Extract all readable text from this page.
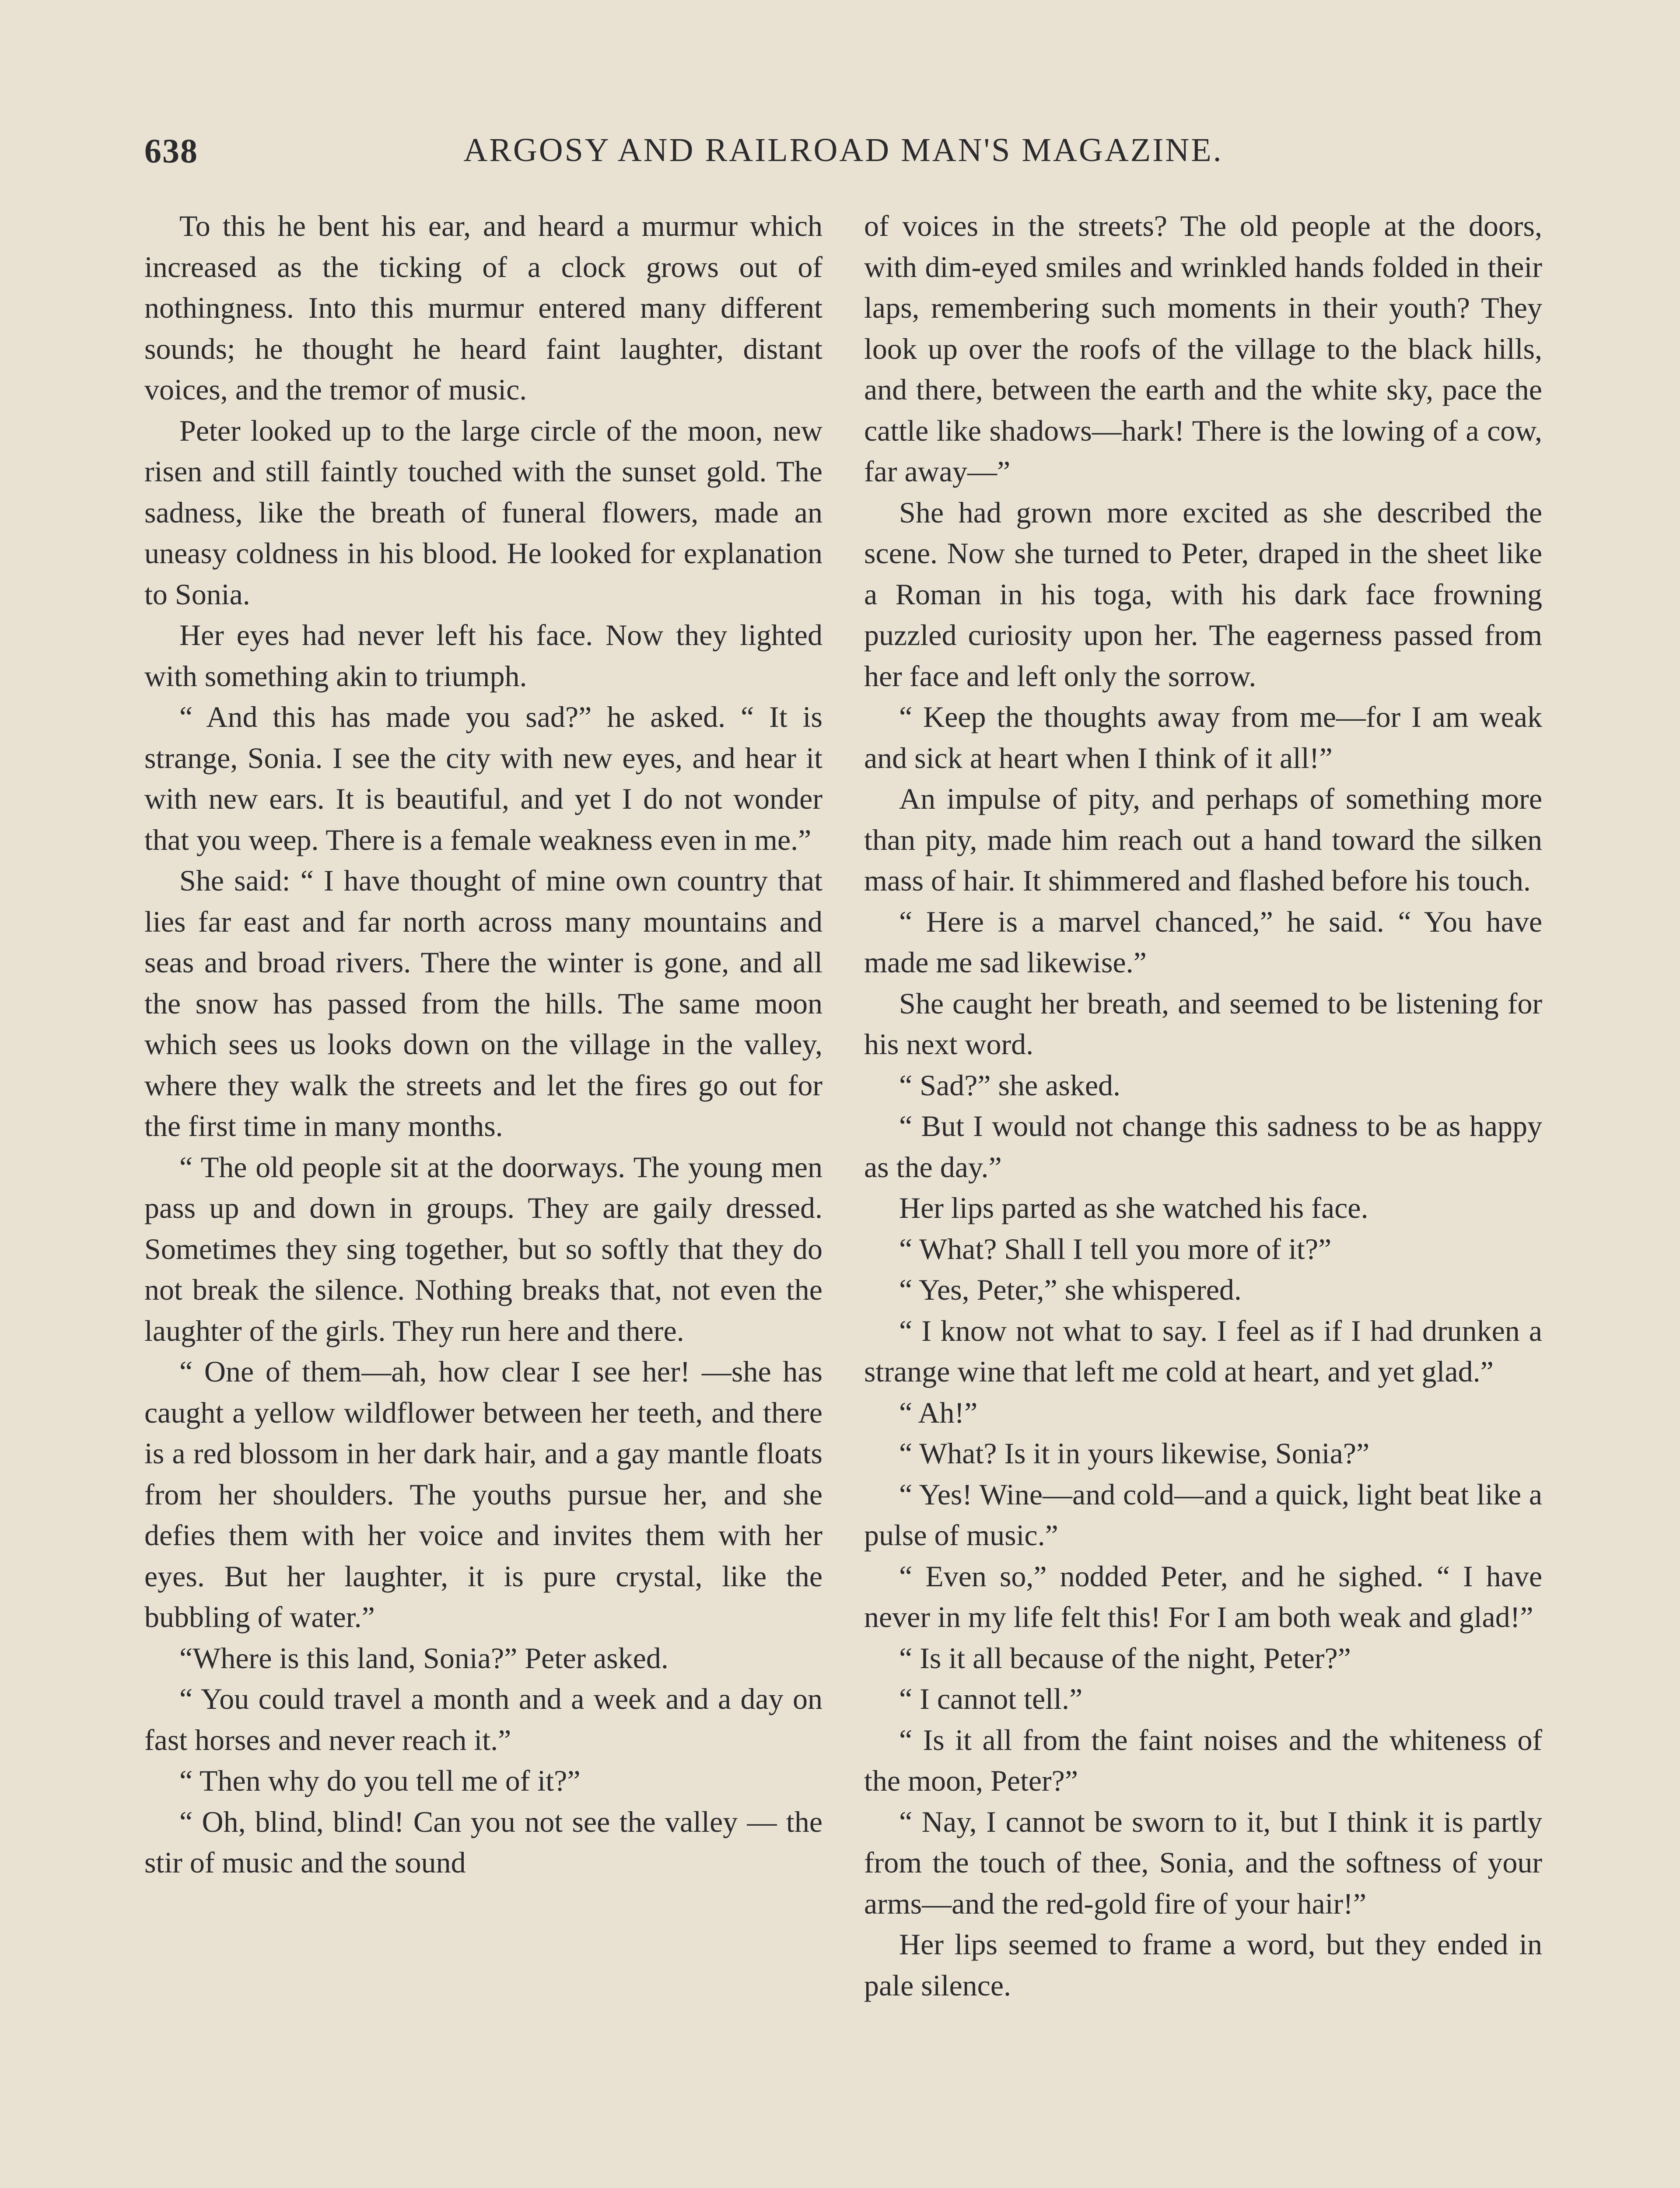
638	ARGOSY AND RAILROAD MAN'S MAGAZINE.

To this he bent his ear, and heard a murmur which increased as the ticking of a clock grows out of nothingness. Into this murmur entered many different sounds; he thought he heard faint laughter, distant voices, and the tremor of music.

Peter looked up to the large circle of the moon, new risen and still faintly touched with the sunset gold. The sadness, like the breath of funeral flowers, made an uneasy coldness in his blood. He looked for explanation to Sonia.

Her eyes had never left his face. Now they lighted with something akin to triumph.

“ And this has made you sad?” he asked. “ It is strange, Sonia. I see the city with new eyes, and hear it with new ears. It is beautiful, and yet I do not wonder that you weep. There is a female weakness even in me.”

She said: “ I have thought of mine own country that lies far east and far north across many mountains and seas and broad rivers. There the winter is gone, and all the snow has passed from the hills. The same moon which sees us looks down on the village in the valley, where they walk the streets and let the fires go out for the first time in many months.

“ The old people sit at the doorways. The young men pass up and down in groups. They are gaily dressed. Sometimes they sing together, but so softly that they do not break the silence. Nothing breaks that, not even the laughter of the girls. They run here and there.

“ One of them—ah, how clear I see her! —she has caught a yellow wildflower between her teeth, and there is a red blossom in her dark hair, and a gay mantle floats from her shoulders. The youths pursue her, and she defies them with her voice and invites them with her eyes. But her laughter, it is pure crystal, like the bubbling of water.”

“Where is this land, Sonia?” Peter asked.

“ You could travel a month and a week and a day on fast horses and never reach it.”

“ Then why do you tell me of it?”

“ Oh, blind, blind! Can you not see the valley — the stir of music and the sound

of voices in the streets? The old people at the doors, with dim-eyed smiles and wrinkled hands folded in their laps, remembering such moments in their youth? They look up over the roofs of the village to the black hills, and there, between the earth and the white sky, pace the cattle like shadows—hark! There is the lowing of a cow, far away—”

She had grown more excited as she described the scene. Now she turned to Peter, draped in the sheet like a Roman in his toga, with his dark face frowning puzzled curiosity upon her. The eagerness passed from her face and left only the sorrow.

“ Keep the thoughts away from me—for I am weak and sick at heart when I think of it all!”

An impulse of pity, and perhaps of something more than pity, made him reach out a hand toward the silken mass of hair. It shimmered and flashed before his touch.

“ Here is a marvel chanced,” he said. “ You have made me sad likewise.”

She caught her breath, and seemed to be listening for his next word.

“ Sad?” she asked.

“ But I would not change this sadness to be as happy as the day.”

Her lips parted as she watched his face.

“ What? Shall I tell you more of it?”

“ Yes, Peter,” she whispered.

“ I know not what to say. I feel as if I had drunken a strange wine that left me cold at heart, and yet glad.”

“ Ah!”

“ What? Is it in yours likewise, Sonia?”

“ Yes! Wine—and cold—and a quick, light beat like a pulse of music.”

“ Even so,” nodded Peter, and he sighed. “ I have never in my life felt this! For I am both weak and glad!”

“ Is it all because of the night, Peter?”

“ I cannot tell.”

“ Is it all from the faint noises and the whiteness of the moon, Peter?”

“ Nay, I cannot be sworn to it, but I think it is partly from the touch of thee, Sonia, and the softness of your arms—and the red-gold fire of your hair!”

Her lips seemed to frame a word, but they ended in pale silence.
